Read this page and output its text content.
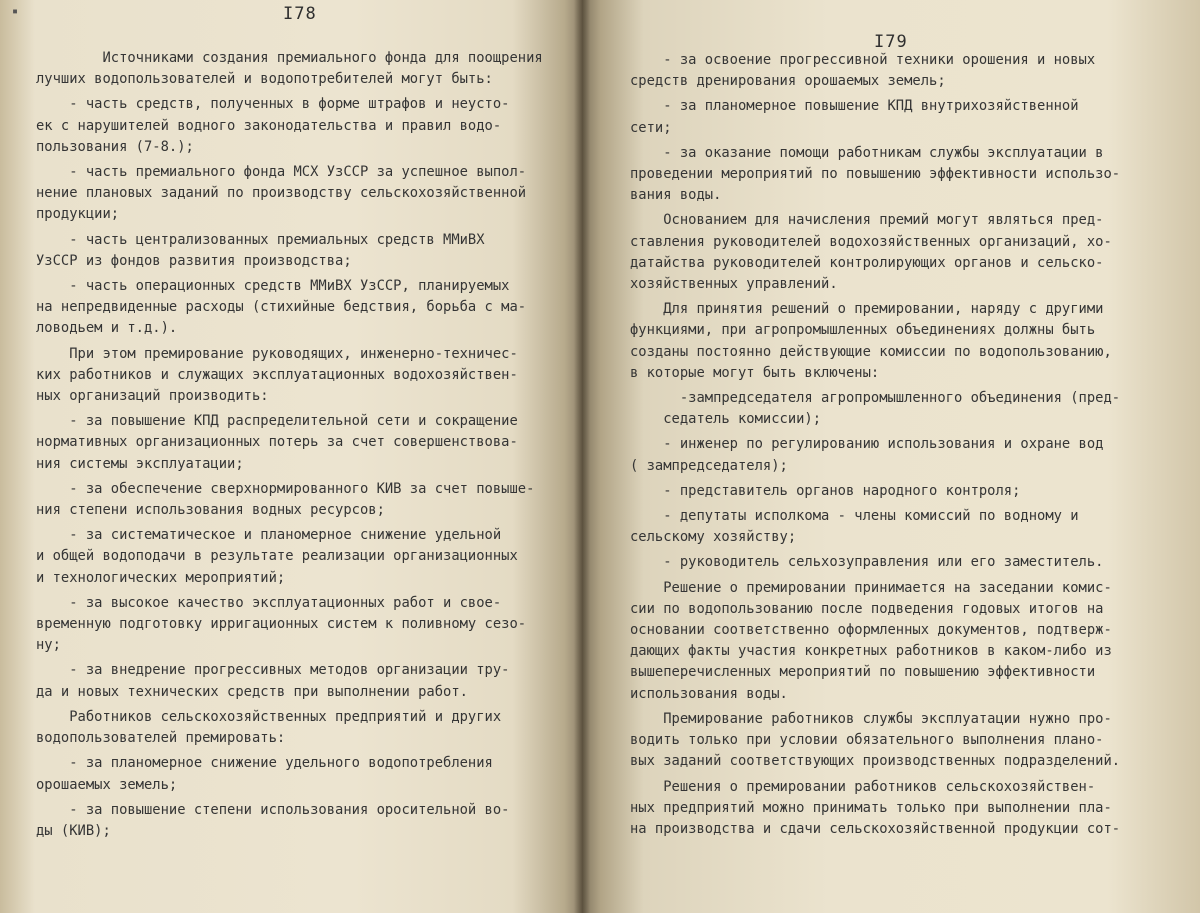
I78
Источниками создания премиального фонда для поощрения
лучших водопользователей и водопотребителей могут быть:
- часть средств, полученных в форме штрафов и неусто-
ек с нарушителей водного законодательства и правил водо-
пользования (7-8.);
- часть премиального фонда МСХ УзССР за успешное выпол-
нение плановых заданий по производству сельскохозяйственной
продукции;
- часть централизованных премиальных средств ММиВХ
УзССР из фондов развития производства;
- часть операционных средств ММиВХ УзССР, планируемых
на непредвиденные расходы (стихийные бедствия, борьба с ма-
ловодьем и т.д.).
При этом премирование руководящих, инженерно-техничес-
ких работников и служащих эксплуатационных водохозяйствен-
ных организаций производить:
- за повышение КПД распределительной сети и сокращение
нормативных организационных потерь за счет совершенствова-
ния системы эксплуатации;
- за обеспечение сверхнормированного КИВ за счет повыше-
ния степени использования водных ресурсов;
- за систематическое и планомерное снижение удельной
и общей водоподачи в результате реализации организационных
и технологических мероприятий;
- за высокое качество эксплуатационных работ и свое-
временную подготовку ирригационных систем к поливному сезо-
ну;
- за внедрение прогрессивных методов организации тру-
да и новых технических средств при выполнении работ.
Работников сельскохозяйственных предприятий и других
водопользователей премировать:
- за планомерное снижение удельного водопотребления
орошаемых земель;
- за повышение степени использования оросительной во-
ды (КИВ);
I79
- за освоение прогрессивной техники орошения и новых
средств дренирования орошаемых земель;
- за планомерное повышение КПД внутрихозяйственной
сети;
- за оказание помощи работникам службы эксплуатации в
проведении мероприятий по повышению эффективности использо-
вания воды.
Основанием для начисления премий могут являться пред-
ставления руководителей водохозяйственных организаций, хо-
датайства руководителей контролирующих органов и сельско-
хозяйственных управлений.
Для принятия решений о премировании, наряду с другими
функциями, при агропромышленных объединениях должны быть
созданы постоянно действующие комиссии по водопользованию,
в которые могут быть включены:
-зампредседателя агропромышленного объединения (пред-
седатель комиссии);
- инженер по регулированию использования и охране вод
( зампредседателя);
- представитель органов народного контроля;
- депутаты исполкома - члены комиссий по водному и
сельскому хозяйству;
- руководитель сельхозуправления или его заместитель.
Решение о премировании принимается на заседании комис-
сии по водопользованию после подведения годовых итогов на
основании соответственно оформленных документов, подтверж-
дающих факты участия конкретных работников в каком-либо из
вышеперечисленных мероприятий по повышению эффективности
использования воды.
Премирование работников службы эксплуатации нужно про-
водить только при условии обязательного выполнения плано-
вых заданий соответствующих производственных подразделений.
Решения о премировании работников сельскохозяйствен-
ных предприятий можно принимать только при выполнении пла-
на производства и сдачи сельскохозяйственной продукции сот-
▪
